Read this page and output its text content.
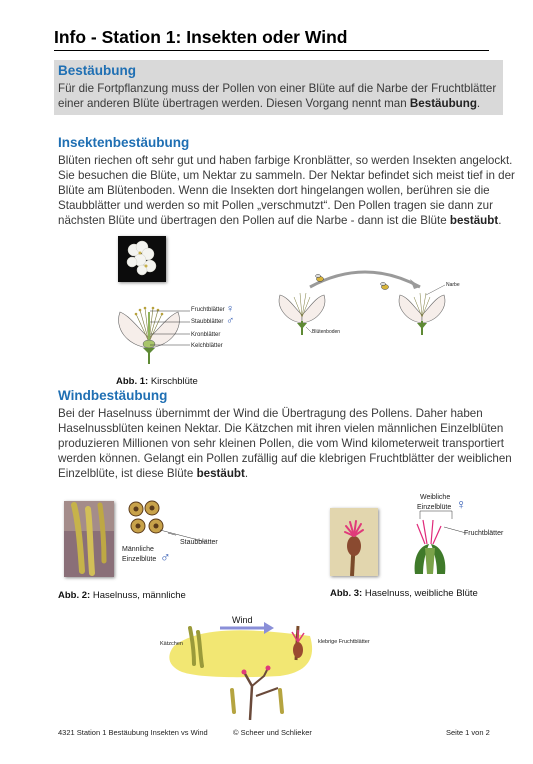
Info - Station 1: Insekten oder Wind
Bestäubung
Für die Fortpflanzung muss der Pollen von einer Blüte auf die Narbe der Fruchtblätter
einer anderen Blüte übertragen werden. Diesen Vorgang nennt man Bestäubung.
Insektenbestäubung
Blüten riechen oft sehr gut und haben farbige Kronblätter, so werden Insekten angelockt.
Sie besuchen die Blüte, um Nektar zu sammeln. Der Nektar befindet sich meist tief in der
Blüte am Blütenboden. Wenn die Insekten dort hingelangen wollen, berühren sie die
Staubblätter und werden so mit Pollen „verschmutzt“. Den Pollen tragen sie dann zur
nächsten Blüte und übertragen den Pollen auf die Narbe - dann ist die Blüte bestäubt.
Fruchtblätter ♀
Staubblätter ♂
Kronblätter
Kelchblätter
Blütenboden
Narbe
Abb. 1: Kirschblüte
Windbestäubung
Bei der Haselnuss übernimmt der Wind die Übertragung des Pollens. Daher haben
Haselnussblüten keinen Nektar. Die Kätzchen mit ihren vielen männlichen Einzelblüten
produzieren Millionen von sehr kleinen Pollen, die vom Wind kilometerweit transportiert
werden können. Gelangt ein Pollen zufällig auf die klebrigen Fruchtblätter der weiblichen
Einzelblüte, ist diese Blüte bestäubt.
Staubblätter
Männliche
Einzelblüte ♂
Abb. 2: Haselnuss, männliche
Weibliche
Einzelblüte ♀
Fruchtblätter
Abb. 3: Haselnuss, weibliche Blüte
Wind
Kätzchen	klebrige Fruchtblätter
4321 Station 1 Bestäubung Insekten vs Wind	© Scheer und Schlieker	Seite 1 von 2
